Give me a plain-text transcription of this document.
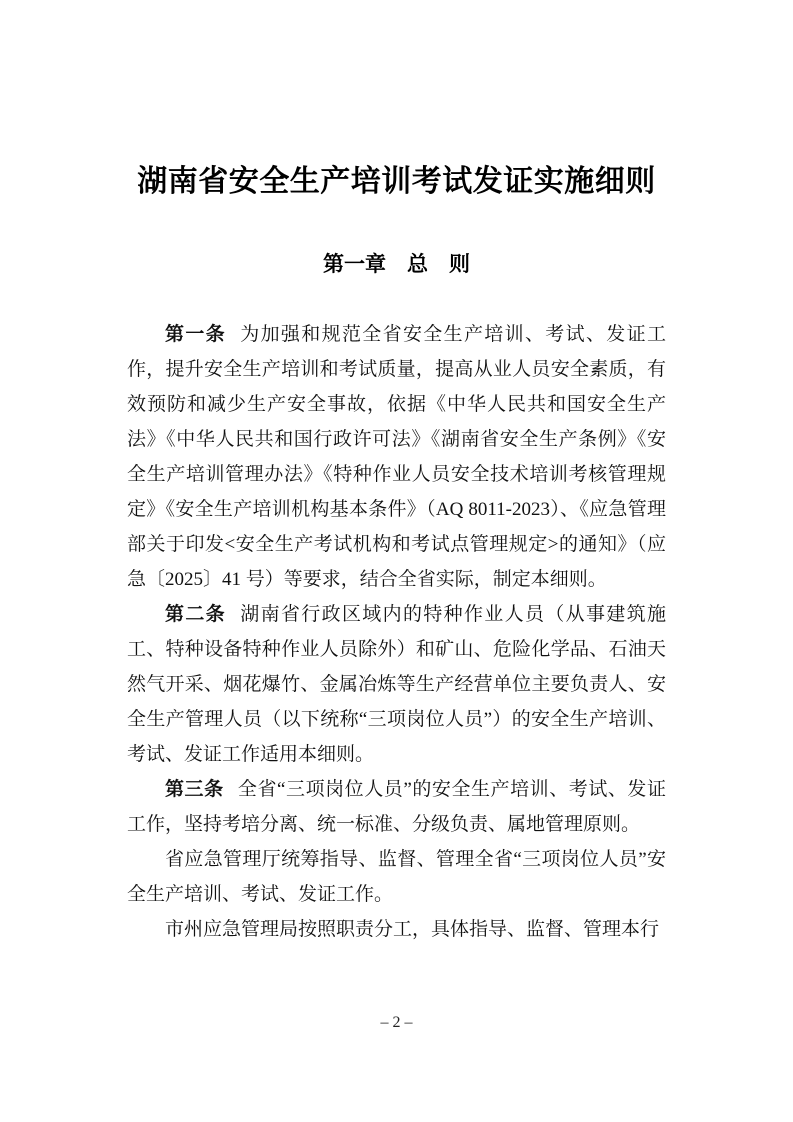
湖南省安全生产培训考试发证实施细则
第一章　总　则

第一条 为加强和规范全省安全生产培训、考试、发证工作，提升安全生产培训和考试质量，提高从业人员安全素质，有效预防和减少生产安全事故，依据《中华人民共和国安全生产法》《中华人民共和国行政许可法》《湖南省安全生产条例》《安全生产培训管理办法》《特种作业人员安全技术培训考核管理规定》《安全生产培训机构基本条件》（AQ 8011-2023）、《应急管理部关于印发<安全生产考试机构和考试点管理规定>的通知》（应急〔2025〕41 号）等要求，结合全省实际，制定本细则。

第二条 湖南省行政区域内的特种作业人员（从事建筑施工、特种设备特种作业人员除外）和矿山、危险化学品、石油天然气开采、烟花爆竹、金属冶炼等生产经营单位主要负责人、安全生产管理人员（以下统称“三项岗位人员”）的安全生产培训、考试、发证工作适用本细则。

第三条 全省“三项岗位人员”的安全生产培训、考试、发证工作，坚持考培分离、统一标准、分级负责、属地管理原则。

省应急管理厅统筹指导、监督、管理全省“三项岗位人员”安全生产培训、考试、发证工作。

市州应急管理局按照职责分工，具体指导、监督、管理本行

– 2 –
